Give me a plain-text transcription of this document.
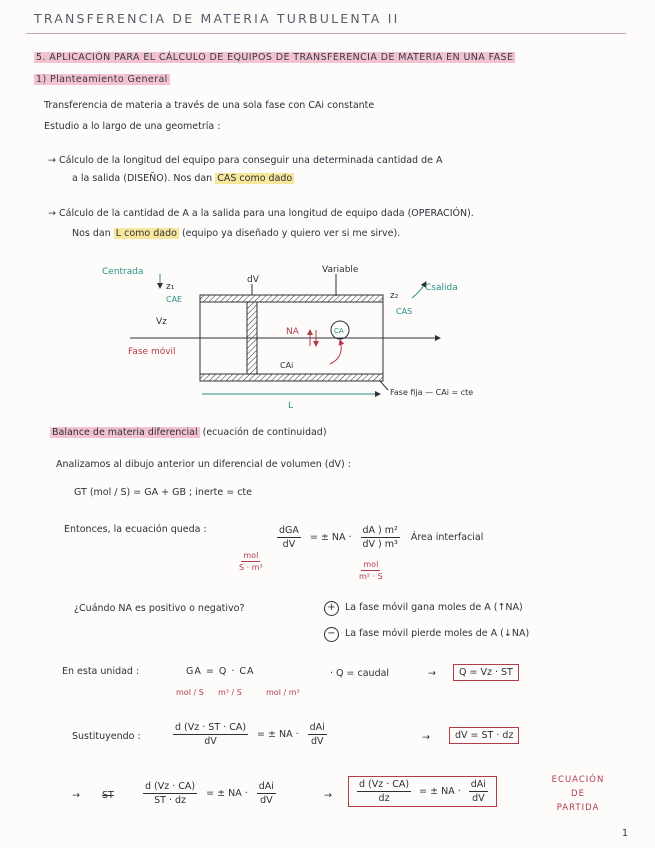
TRANSFERENCIA DE MATERIA TURBULENTA II
5. APLICACIÓN PARA EL CÁLCULO DE EQUIPOS DE TRANSFERENCIA DE MATERIA EN UNA FASE
1) Planteamiento General
Transferencia de materia a través de una sola fase con CAi constante
Estudio a lo largo de una geometría :
→ Cálculo de la longitud del equipo para conseguir una determinada cantidad de A
a la salida (DISEÑO). Nos dan CAS como dado
→ Cálculo de la cantidad de A a la salida para una longitud de equipo dada (OPERACIÓN).
Nos dan L como dado (equipo ya diseñado y quiero ver si me sirve).
Centrada
z₁
CAE
dV
Variable
z₂
Csalida
CAS
Vz
NA	CA
CAi
Fase móvil
L
Fase fija — CAi = cte
Balance de materia diferencial (ecuación de continuidad)
Analizamos al dibujo anterior un diferencial de volumen (dV) :
GT (mol / S) = GA + GB ; inerte = cte
Entonces, la ecuación queda :	$\frac{\text{dGA}}{dV}$ = ± NA · $\frac{\text{dA ) m²}}{\text{dV ) m³}}$ Área interfacial
$\frac{\text{mol}}{\text{S · m³}}$	$\frac{\text{mol}}{\text{m² · S}}$
¿Cuándo NA es positivo o negativo?	+ La fase móvil gana moles de A (↑NA)
− La fase móvil pierde moles de A (↓NA)
En esta unidad :	GA = Q · CA
mol / S m³ / S	mol / m³
· Q = caudal	→	Q = Vz · ST
Sustituyendo :	$\frac{d (Vz \cdot ST \cdot CA)}{dV}$ = ± NA · $\frac{\text{dAi}}{dV}$	→	dV = ST · dz
→ ST	$\frac{d (Vz \cdot CA)}{ST \cdot dz}$ = ± NA · $\frac{\text{dAi}}{dV}$	→	$\frac{d (Vz \cdot CA)}{dz}$ = ± NA · $\frac{\text{dAi}}{dV}$	ECUACIÓN
DE
PARTIDA
1
